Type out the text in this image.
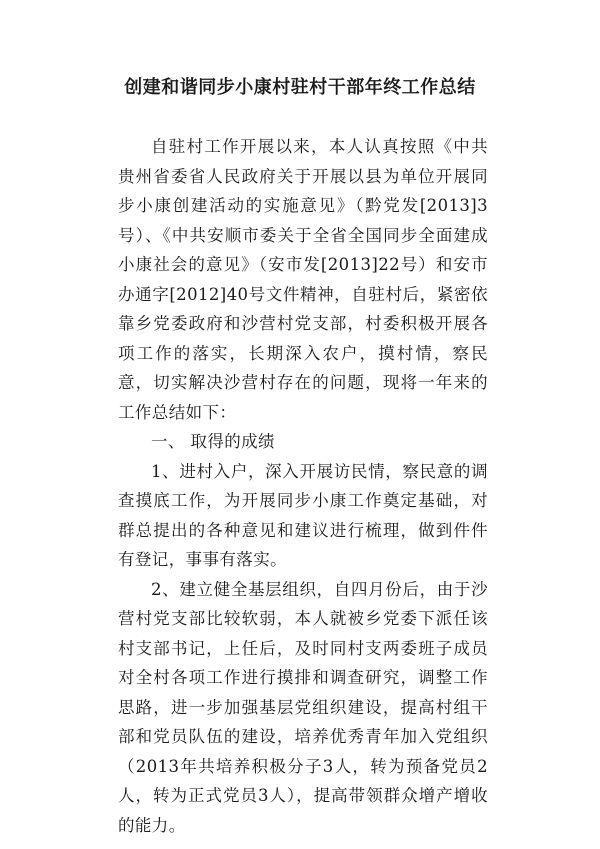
创建和谐同步小康村驻村干部年终工作总结

自驻村工作开展以来，本人认真按照《中共贵州省委省人民政府关于开展以县为单位开展同步小康创建活动的实施意见》（黔党发[2013]3号）、《中共安顺市委关于全省全国同步全面建成小康社会的意见》（安市发[2013]22号）和安市办通字[2012]40号文件精神，自驻村后，紧密依靠乡党委政府和沙营村党支部，村委积极开展各项工作的落实，长期深入农户，摸村情，察民意，切实解决沙营村存在的问题，现将一年来的工作总结如下：

一、 取得的成绩

1、进村入户，深入开展访民情，察民意的调查摸底工作，为开展同步小康工作奠定基础，对群总提出的各种意见和建议进行梳理，做到件件有登记，事事有落实。

2、建立健全基层组织，自四月份后，由于沙营村党支部比较软弱，本人就被乡党委下派任该村支部书记，上任后，及时同村支两委班子成员对全村各项工作进行摸排和调查研究，调整工作思路，进一步加强基层党组织建设，提高村组干部和党员队伍的建设，培养优秀青年加入党组织（2013年共培养积极分子3人，转为预备党员2人，转为正式党员3人），提高带领群众增产增收的能力。
